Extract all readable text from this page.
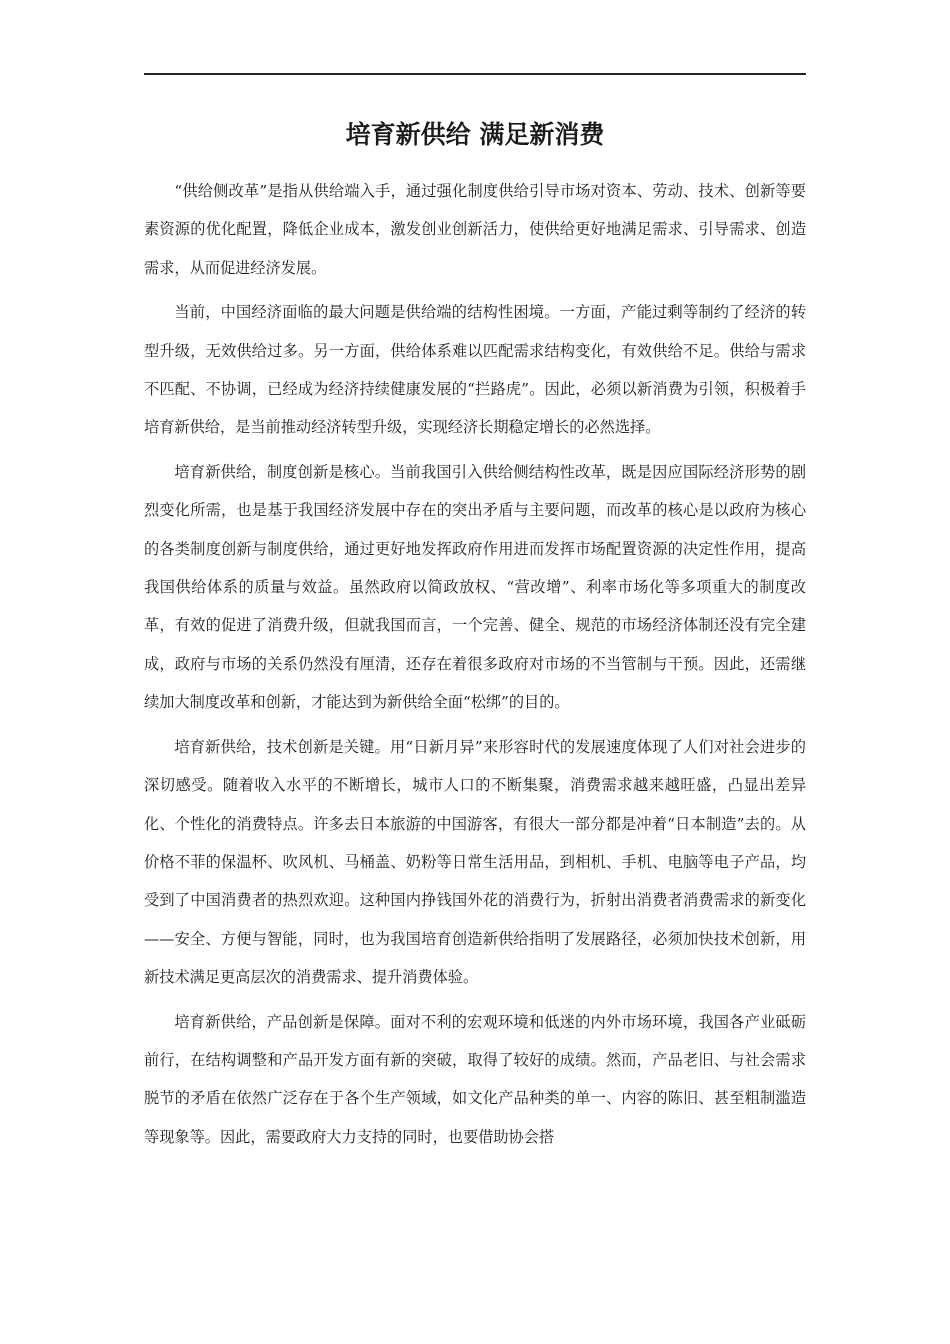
培育新供给 满足新消费

“供给侧改革”是指从供给端入手，通过强化制度供给引导市场对资本、劳动、技术、创新等要素资源的优化配置，降低企业成本，激发创业创新活力，使供给更好地满足需求、引导需求、创造需求，从而促进经济发展。

当前，中国经济面临的最大问题是供给端的结构性困境。一方面，产能过剩等制约了经济的转型升级，无效供给过多。另一方面，供给体系难以匹配需求结构变化，有效供给不足。供给与需求不匹配、不协调，已经成为经济持续健康发展的“拦路虎”。因此，必须以新消费为引领，积极着手培育新供给，是当前推动经济转型升级，实现经济长期稳定增长的必然选择。

培育新供给，制度创新是核心。当前我国引入供给侧结构性改革，既是因应国际经济形势的剧烈变化所需，也是基于我国经济发展中存在的突出矛盾与主要问题，而改革的核心是以政府为核心的各类制度创新与制度供给，通过更好地发挥政府作用进而发挥市场配置资源的决定性作用，提高我国供给体系的质量与效益。虽然政府以简政放权、“营改增”、利率市场化等多项重大的制度改革，有效的促进了消费升级，但就我国而言，一个完善、健全、规范的市场经济体制还没有完全建成，政府与市场的关系仍然没有厘清，还存在着很多政府对市场的不当管制与干预。因此，还需继续加大制度改革和创新，才能达到为新供给全面“松绑”的目的。

培育新供给，技术创新是关键。用“日新月异”来形容时代的发展速度体现了人们对社会进步的深切感受。随着收入水平的不断增长，城市人口的不断集聚，消费需求越来越旺盛，凸显出差异化、个性化的消费特点。许多去日本旅游的中国游客，有很大一部分都是冲着“日本制造”去的。从价格不菲的保温杯、吹风机、马桶盖、奶粉等日常生活用品，到相机、手机、电脑等电子产品，均受到了中国消费者的热烈欢迎。这种国内挣钱国外花的消费行为，折射出消费者消费需求的新变化——安全、方便与智能，同时，也为我国培育创造新供给指明了发展路径，必须加快技术创新，用新技术满足更高层次的消费需求、提升消费体验。

培育新供给，产品创新是保障。面对不利的宏观环境和低迷的内外市场环境，我国各产业砥砺前行，在结构调整和产品开发方面有新的突破，取得了较好的成绩。然而，产品老旧、与社会需求脱节的矛盾在依然广泛存在于各个生产领域，如文化产品种类的单一、内容的陈旧、甚至粗制滥造等现象等。因此，需要政府大力支持的同时，也要借助协会搭
